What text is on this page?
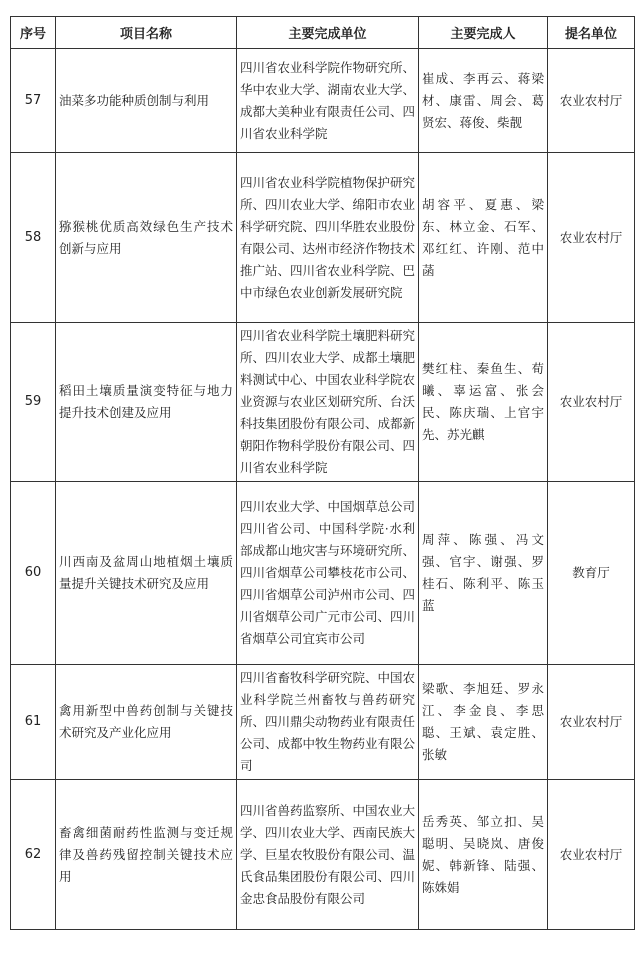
序号	项目名称	主要完成单位	主要完成人	提名单位
57	油菜多功能种质创制与利用	四川省农业科学院作物研究所、华中农业大学、湖南农业大学、成都大美种业有限责任公司、四川省农业科学院	崔成、李再云、蒋梁材、康雷、周会、葛贤宏、蒋俊、柴靓	农业农村厅
58	猕猴桃优质高效绿色生产技术创新与应用	四川省农业科学院植物保护研究所、四川农业大学、绵阳市农业科学研究院、四川华胜农业股份有限公司、达州市经济作物技术推广站、四川省农业科学院、巴中市绿色农业创新发展研究院	胡容平、夏惠、梁东、林立金、石军、邓红红、许刚、范中菡	农业农村厅
59	稻田土壤质量演变特征与地力提升技术创建及应用	四川省农业科学院土壤肥料研究所、四川农业大学、成都土壤肥料测试中心、中国农业科学院农业资源与农业区划研究所、台沃科技集团股份有限公司、成都新朝阳作物科学股份有限公司、四川省农业科学院	樊红柱、秦鱼生、荀曦、辜运富、张会民、陈庆瑞、上官宇先、苏光麒	农业农村厅
60	川西南及盆周山地植烟土壤质量提升关键技术研究及应用	四川农业大学、中国烟草总公司四川省公司、中国科学院·水利部成都山地灾害与环境研究所、四川省烟草公司攀枝花市公司、四川省烟草公司泸州市公司、四川省烟草公司广元市公司、四川省烟草公司宜宾市公司	周萍、陈强、冯文强、官宇、谢强、罗桂石、陈利平、陈玉蓝	教育厅
61	禽用新型中兽药创制与关键技术研究及产业化应用	四川省畜牧科学研究院、中国农业科学院兰州畜牧与兽药研究所、四川鼎尖动物药业有限责任公司、成都中牧生物药业有限公司	梁歌、李旭廷、罗永江、李金良、李思聪、王斌、袁定胜、张敏	农业农村厅
62	畜禽细菌耐药性监测与变迁规律及兽药残留控制关键技术应用	四川省兽药监察所、中国农业大学、四川农业大学、西南民族大学、巨星农牧股份有限公司、温氏食品集团股份有限公司、四川金忠食品股份有限公司	岳秀英、邹立扣、吴聪明、吴晓岚、唐俊妮、韩新锋、陆强、陈姝娟	农业农村厅
